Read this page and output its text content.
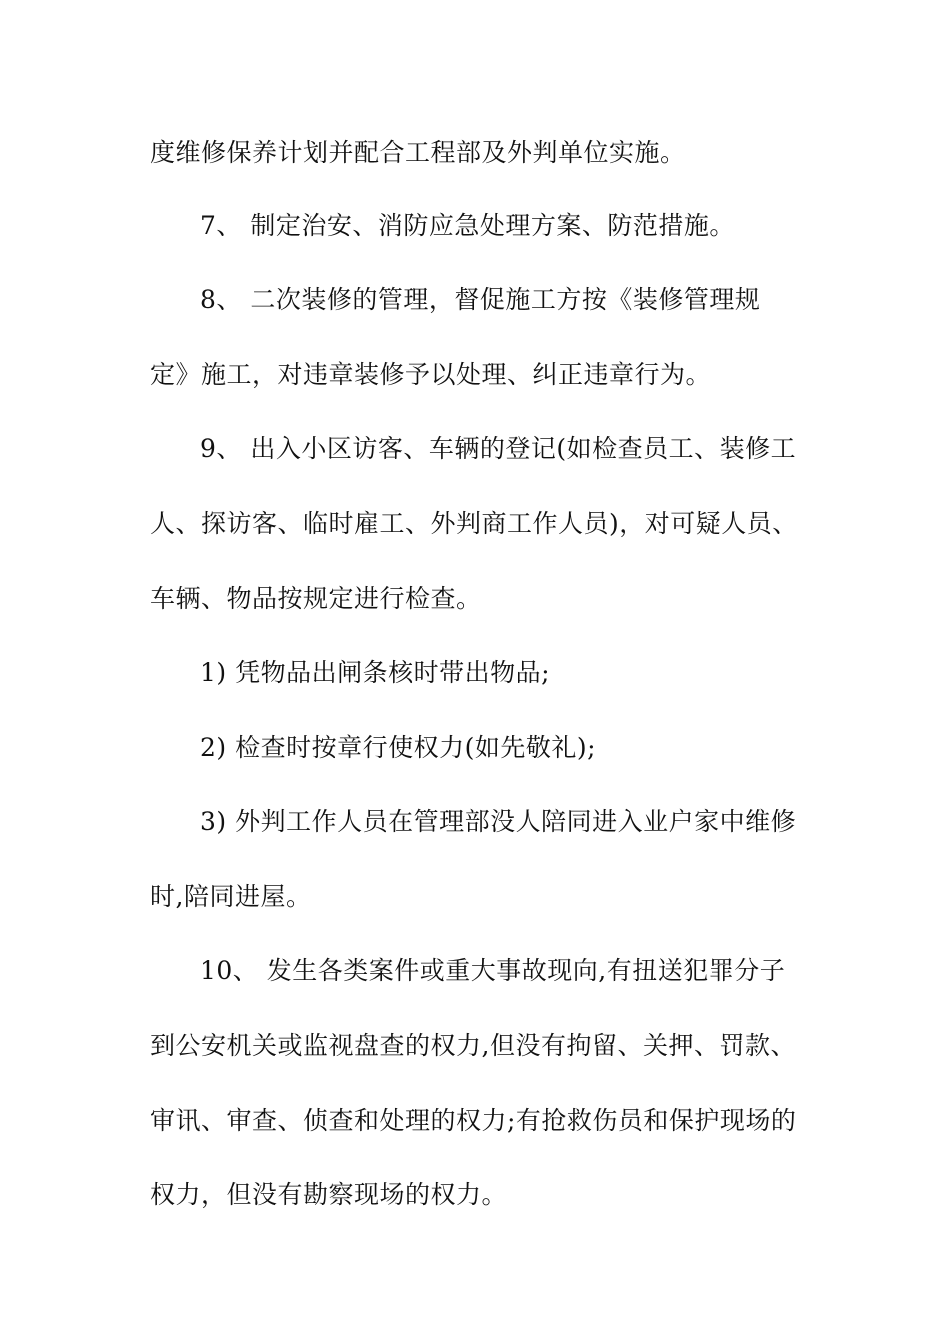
度维修保养计划并配合工程部及外判单位实施。
7、 制定治安、消防应急处理方案、防范措施。
8、 二次装修的管理，督促施工方按《装修管理规
定》施工，对违章装修予以处理、纠正违章行为。
9、 出入小区访客、车辆的登记(如检查员工、装修工
人、探访客、临时雇工、外判商工作人员)，对可疑人员、
车辆、物品按规定进行检查。
1) 凭物品出闸条核时带出物品;
2) 检查时按章行使权力(如先敬礼);
3) 外判工作人员在管理部没人陪同进入业户家中维修
时,陪同进屋。
10、 发生各类案件或重大事故现向,有扭送犯罪分子
到公安机关或监视盘查的权力,但没有拘留、关押、罚款、
审讯、审查、侦查和处理的权力;有抢救伤员和保护现场的
权力，但没有勘察现场的权力。
